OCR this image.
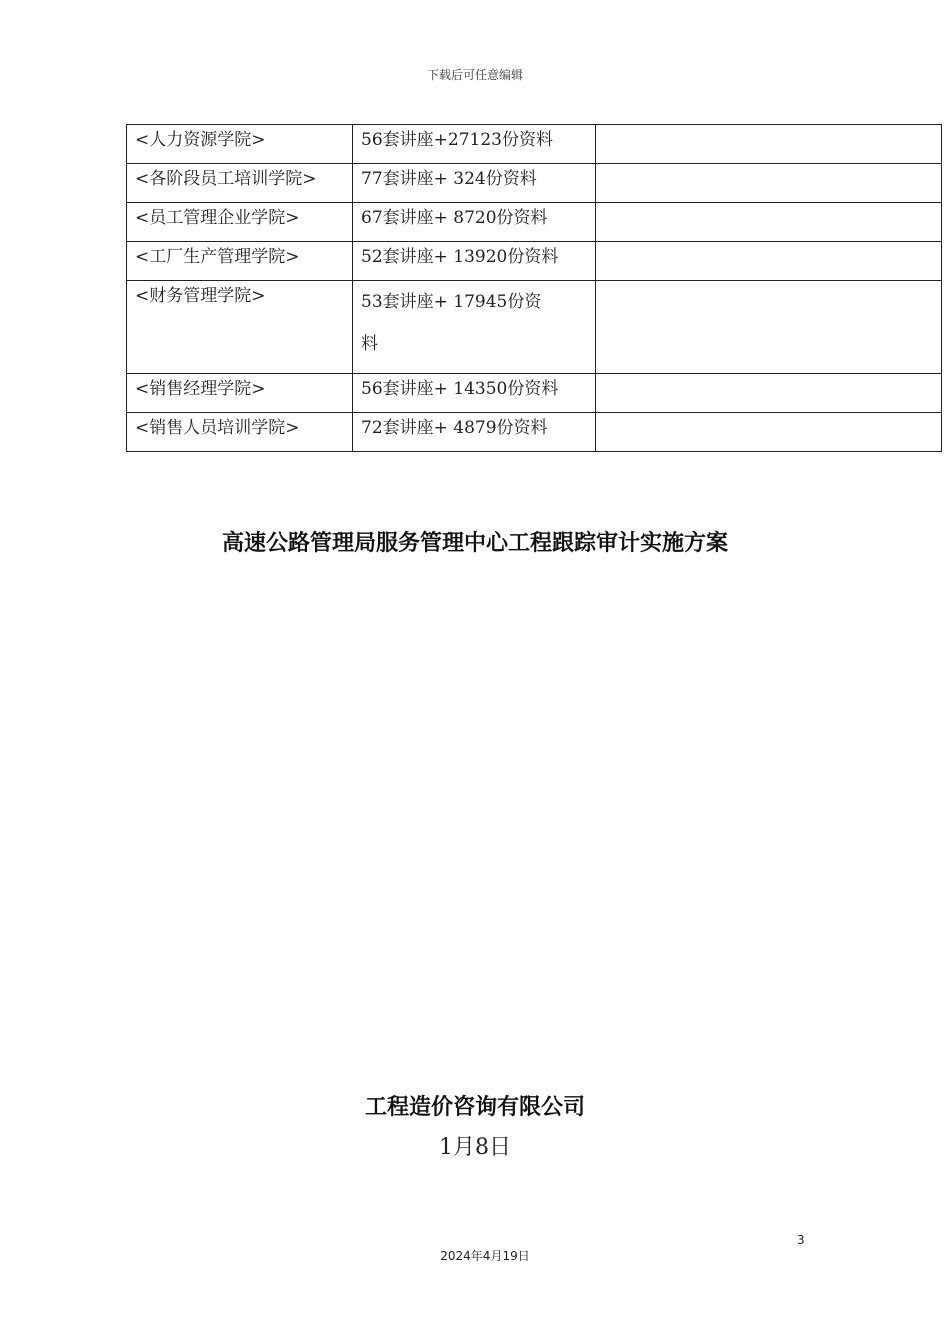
下载后可任意编辑
<人力资源学院>	56套讲座+27123份资料	
<各阶段员工培训学院>	77套讲座+ 324份资料	
<员工管理企业学院>	67套讲座+ 8720份资料	
<工厂生产管理学院>	52套讲座+ 13920份资料	
<财务管理学院>	53套讲座+ 17945份资料	
<销售经理学院>	56套讲座+ 14350份资料	
<销售人员培训学院>	72套讲座+ 4879份资料	
高速公路管理局服务管理中心工程跟踪审计实施方案
工程造价咨询有限公司
1月8日
3
2024年4月19日
